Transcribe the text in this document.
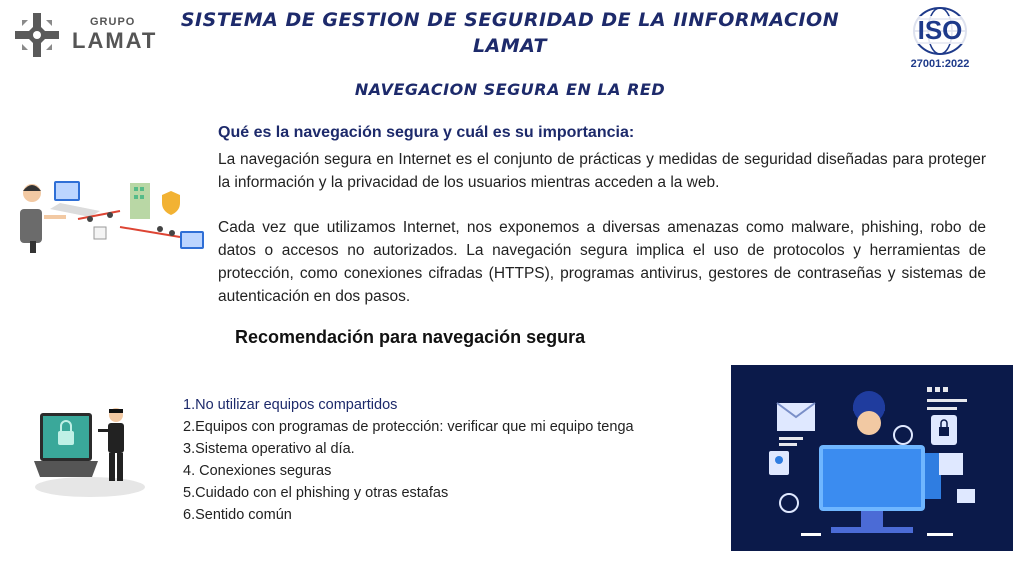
GRUPO
LAMAT
SISTEMA DE GESTION DE SEGURIDAD DE LA IINFORMACION
LAMAT
NAVEGACION SEGURA EN LA RED
ISO
27001:2022
Qué es la navegación segura y cuál es su importancia:
La navegación segura en Internet es el conjunto de prácticas y medidas de seguridad diseñadas para proteger la información y la privacidad de los usuarios mientras acceden a la web.
Cada vez que utilizamos Internet, nos exponemos a diversas amenazas como malware, phishing, robo de datos o accesos no autorizados. La navegación segura implica el uso de protocolos y herramientas de protección, como conexiones cifradas (HTTPS), programas antivirus, gestores de contraseñas y sistemas de autenticación en dos pasos.
Recomendación para navegación segura
1.No utilizar equipos compartidos
2.Equipos con programas de protección: verificar que mi equipo tenga
3.Sistema operativo al día.
4. Conexiones seguras
5.Cuidado con el phishing y otras estafas
6.Sentido común
